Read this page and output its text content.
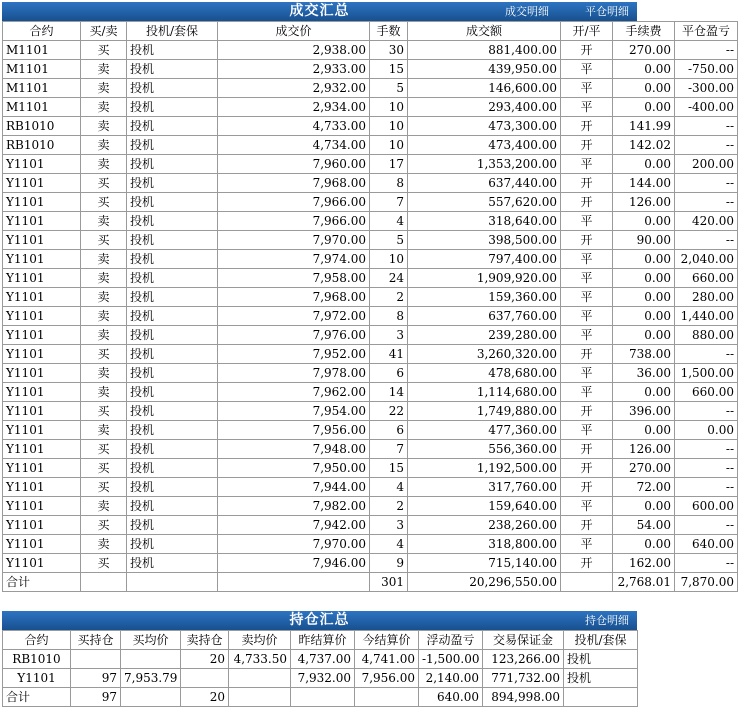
成交汇总	成交明细	平仓明细
合约	买/卖	投机/套保	成交价	手数	成交额	开/平	手续费	平仓盈亏
M1101	买	投机	2,938.00	30	881,400.00	开	270.00	--
M1101	卖	投机	2,933.00	15	439,950.00	平	0.00	-750.00
M1101	卖	投机	2,932.00	5	146,600.00	平	0.00	-300.00
M1101	卖	投机	2,934.00	10	293,400.00	平	0.00	-400.00
RB1010	卖	投机	4,733.00	10	473,300.00	开	141.99	--
RB1010	卖	投机	4,734.00	10	473,400.00	开	142.02	--
Y1101	卖	投机	7,960.00	17	1,353,200.00	平	0.00	200.00
Y1101	买	投机	7,968.00	8	637,440.00	开	144.00	--
Y1101	买	投机	7,966.00	7	557,620.00	开	126.00	--
Y1101	卖	投机	7,966.00	4	318,640.00	平	0.00	420.00
Y1101	买	投机	7,970.00	5	398,500.00	开	90.00	--
Y1101	卖	投机	7,974.00	10	797,400.00	平	0.00	2,040.00
Y1101	卖	投机	7,958.00	24	1,909,920.00	平	0.00	660.00
Y1101	卖	投机	7,968.00	2	159,360.00	平	0.00	280.00
Y1101	卖	投机	7,972.00	8	637,760.00	平	0.00	1,440.00
Y1101	卖	投机	7,976.00	3	239,280.00	平	0.00	880.00
Y1101	买	投机	7,952.00	41	3,260,320.00	开	738.00	--
Y1101	卖	投机	7,978.00	6	478,680.00	平	36.00	1,500.00
Y1101	卖	投机	7,962.00	14	1,114,680.00	平	0.00	660.00
Y1101	买	投机	7,954.00	22	1,749,880.00	开	396.00	--
Y1101	卖	投机	7,956.00	6	477,360.00	平	0.00	0.00
Y1101	买	投机	7,948.00	7	556,360.00	开	126.00	--
Y1101	买	投机	7,950.00	15	1,192,500.00	开	270.00	--
Y1101	买	投机	7,944.00	4	317,760.00	开	72.00	--
Y1101	卖	投机	7,982.00	2	159,640.00	平	0.00	600.00
Y1101	买	投机	7,942.00	3	238,260.00	开	54.00	--
Y1101	卖	投机	7,970.00	4	318,800.00	平	0.00	640.00
Y1101	买	投机	7,946.00	9	715,140.00	开	162.00	--
合计				301	20,296,550.00		2,768.01	7,870.00
持仓汇总	持仓明细
合约	买持仓	买均价	卖持仓	卖均价	昨结算价	今结算价	浮动盈亏	交易保证金	投机/套保
RB1010			20	4,733.50	4,737.00	4,741.00	-1,500.00	123,266.00	投机
Y1101	97	7,953.79			7,932.00	7,956.00	2,140.00	771,732.00	投机
合计	97		20				640.00	894,998.00	
